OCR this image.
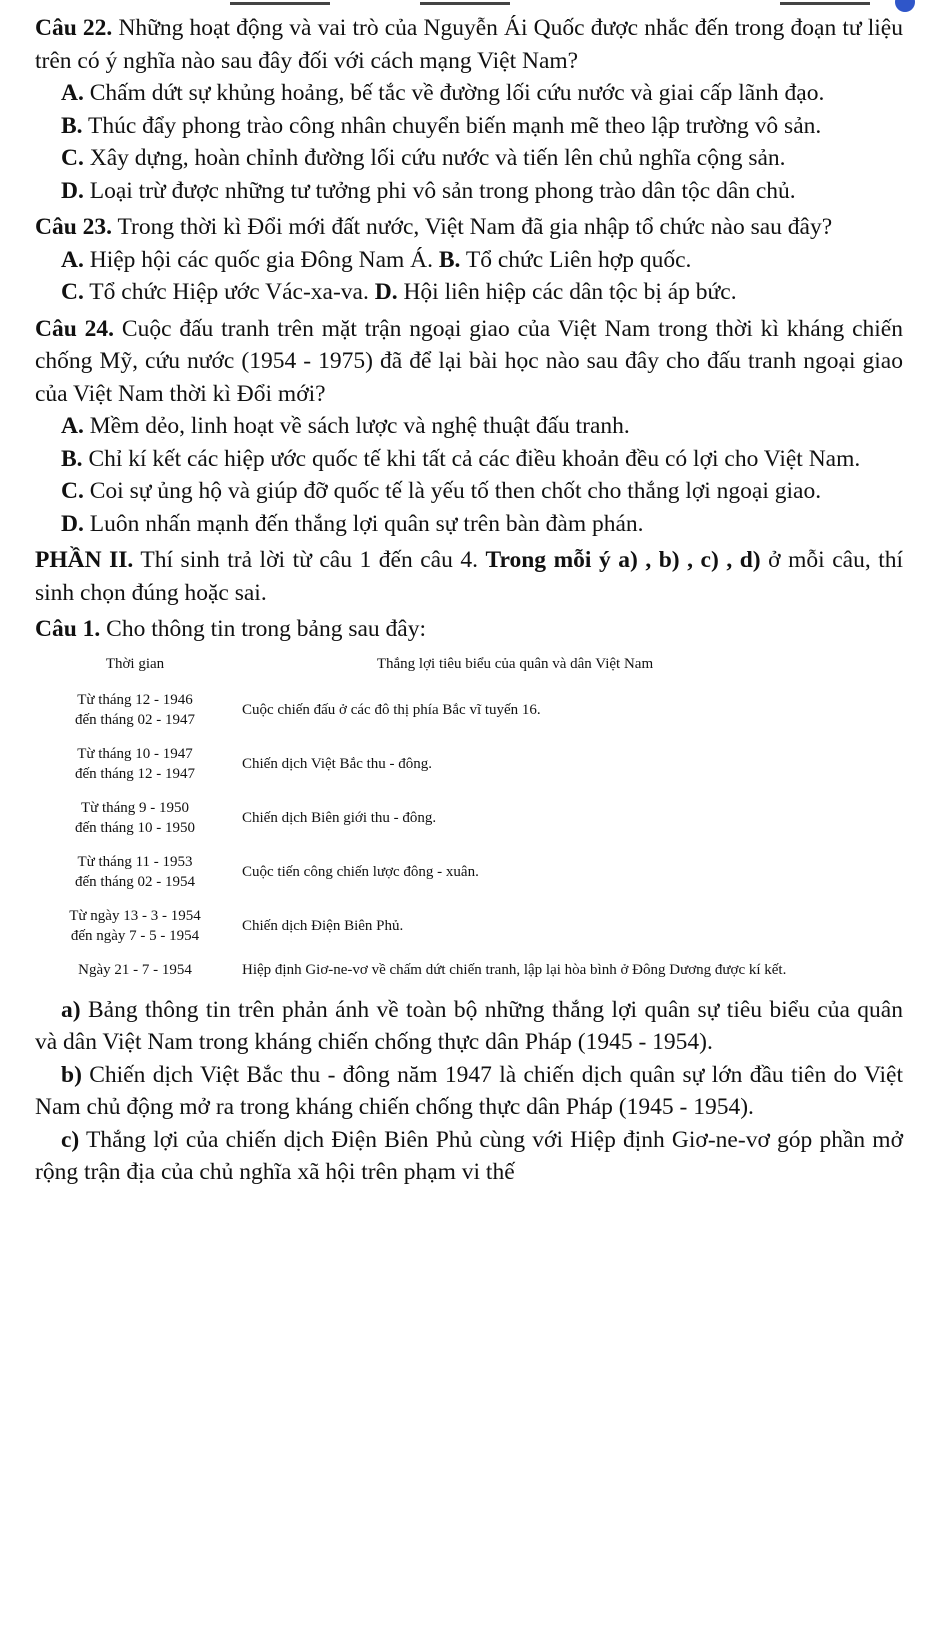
Câu 22. Những hoạt động và vai trò của Nguyễn Ái Quốc được nhắc đến trong đoạn tư liệu trên có ý nghĩa nào sau đây đối với cách mạng Việt Nam?

A. Chấm dứt sự khủng hoảng, bế tắc về đường lối cứu nước và giai cấp lãnh đạo.

B. Thúc đẩy phong trào công nhân chuyển biến mạnh mẽ theo lập trường vô sản.

C. Xây dựng, hoàn chỉnh đường lối cứu nước và tiến lên chủ nghĩa cộng sản.

D. Loại trừ được những tư tưởng phi vô sản trong phong trào dân tộc dân chủ.

Câu 23. Trong thời kì Đổi mới đất nước, Việt Nam đã gia nhập tổ chức nào sau đây?

A. Hiệp hội các quốc gia Đông Nam Á. B. Tổ chức Liên hợp quốc.

C. Tổ chức Hiệp ước Vác-xa-va. D. Hội liên hiệp các dân tộc bị áp bức.

Câu 24. Cuộc đấu tranh trên mặt trận ngoại giao của Việt Nam trong thời kì kháng chiến chống Mỹ, cứu nước (1954 - 1975) đã để lại bài học nào sau đây cho đấu tranh ngoại giao của Việt Nam thời kì Đổi mới?

A. Mềm dẻo, linh hoạt về sách lược và nghệ thuật đấu tranh.

B. Chỉ kí kết các hiệp ước quốc tế khi tất cả các điều khoản đều có lợi cho Việt Nam.

C. Coi sự ủng hộ và giúp đỡ quốc tế là yếu tố then chốt cho thắng lợi ngoại giao.

D. Luôn nhấn mạnh đến thắng lợi quân sự trên bàn đàm phán.

PHẦN II. Thí sinh trả lời từ câu 1 đến câu 4. Trong mỗi ý a) , b) , c) , d) ở mỗi câu, thí sinh chọn đúng hoặc sai.

Câu 1. Cho thông tin trong bảng sau đây:

Thời gian	Thắng lợi tiêu biểu của quân và dân Việt Nam
Từ tháng 12 - 1946
đến tháng 02 - 1947	Cuộc chiến đấu ở các đô thị phía Bắc vĩ tuyến 16.
Từ tháng 10 - 1947
đến tháng 12 - 1947	Chiến dịch Việt Bắc thu - đông.
Từ tháng 9 - 1950
đến tháng 10 - 1950	Chiến dịch Biên giới thu - đông.
Từ tháng 11 - 1953
đến tháng 02 - 1954	Cuộc tiến công chiến lược đông - xuân.
Từ ngày 13 - 3 - 1954
đến ngày 7 - 5 - 1954	Chiến dịch Điện Biên Phủ.
Ngày 21 - 7 - 1954	Hiệp định Giơ-ne-vơ về chấm dứt chiến tranh, lập lại hòa bình ở Đông Dương được kí kết.

a) Bảng thông tin trên phản ánh về toàn bộ những thắng lợi quân sự tiêu biểu của quân và dân Việt Nam trong kháng chiến chống thực dân Pháp (1945 - 1954).

b) Chiến dịch Việt Bắc thu - đông năm 1947 là chiến dịch quân sự lớn đầu tiên do Việt Nam chủ động mở ra trong kháng chiến chống thực dân Pháp (1945 - 1954).

c) Thắng lợi của chiến dịch Điện Biên Phủ cùng với Hiệp định Giơ-ne-vơ góp phần mở rộng trận địa của chủ nghĩa xã hội trên phạm vi thế
